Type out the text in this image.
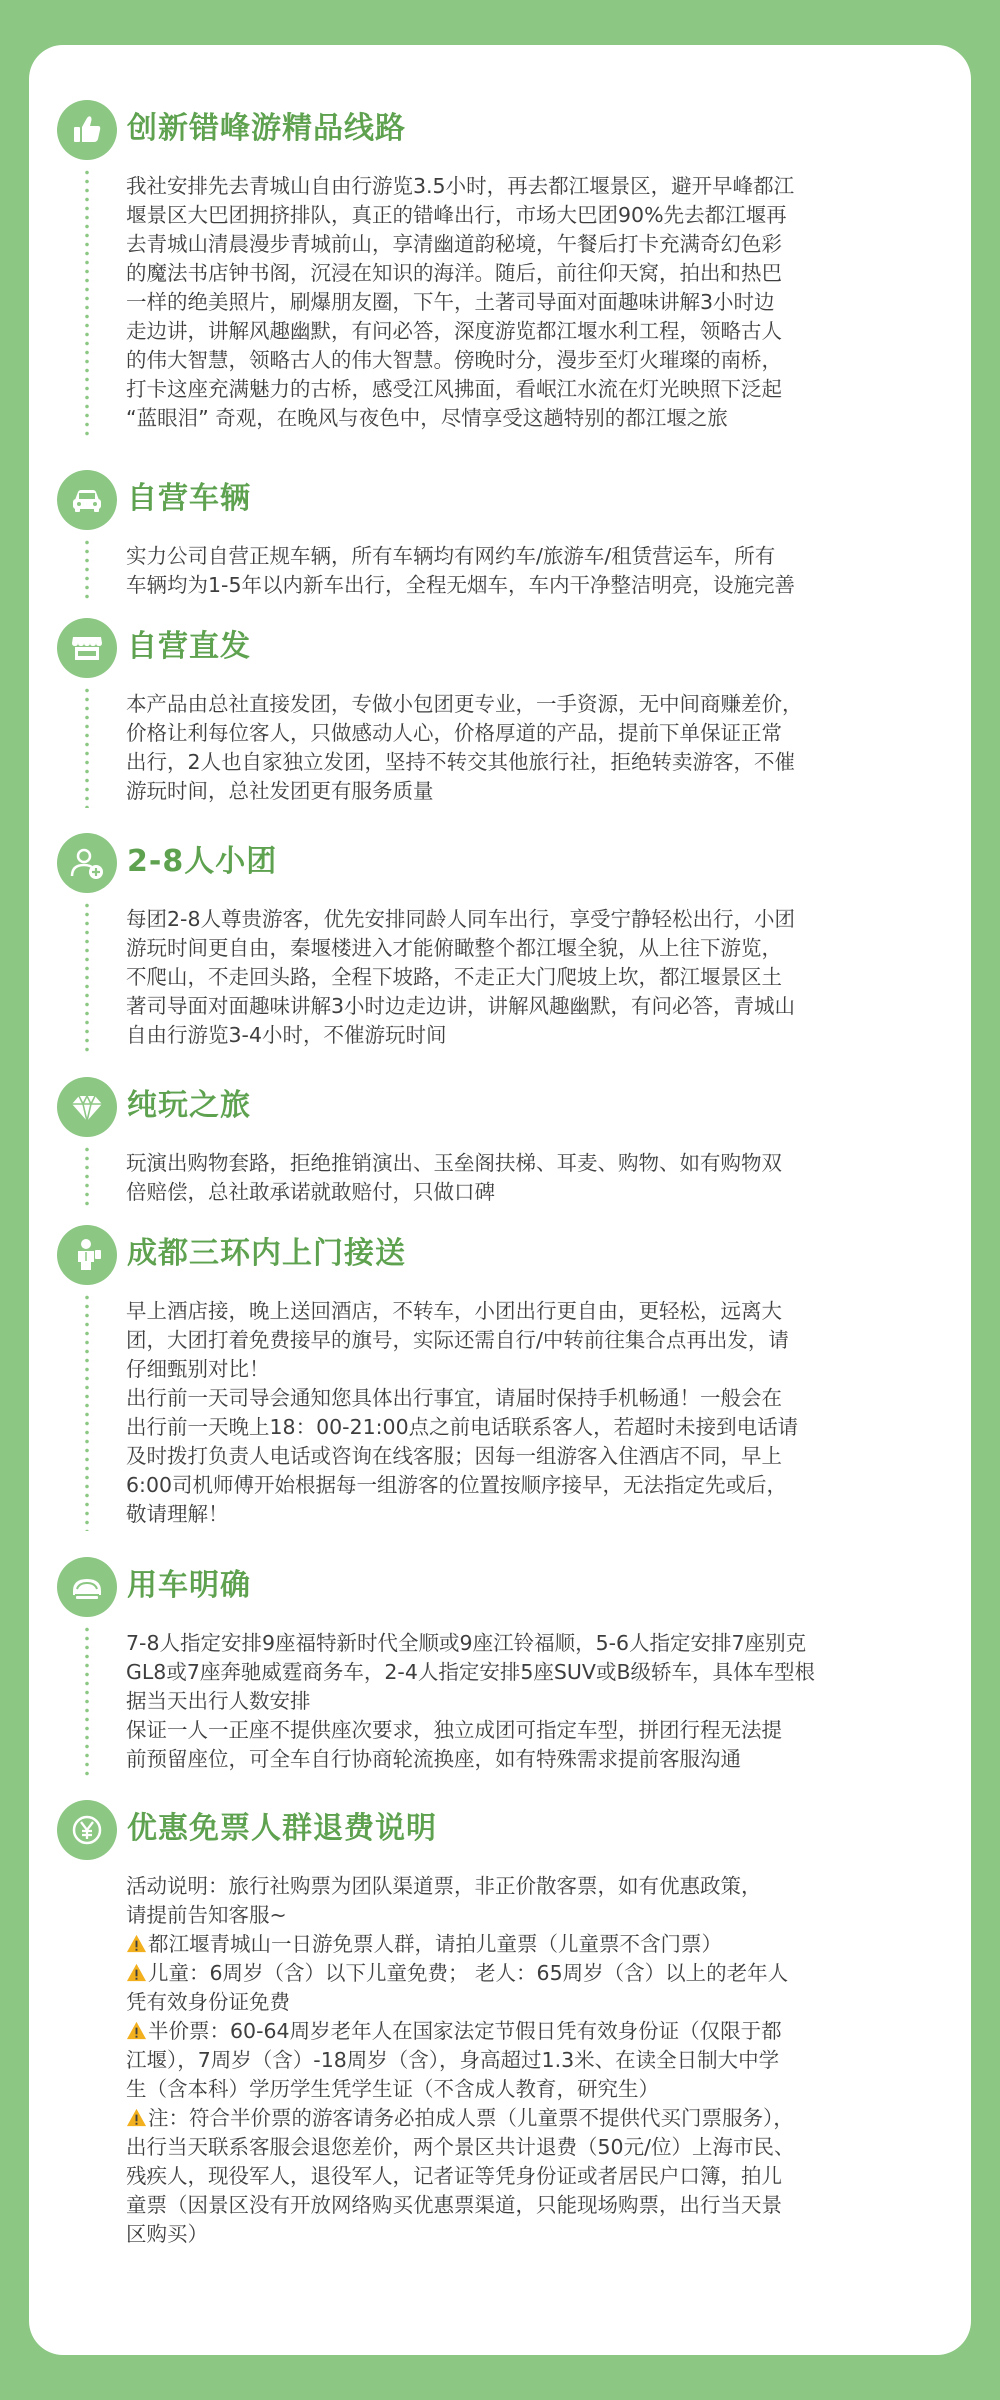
创新错峰游精品线路
我社安排先去青城山自由行游览3.5小时，再去都江堰景区，避开早峰都江
堰景区大巴团拥挤排队，真正的错峰出行，市场大巴团90%先去都江堰再
去青城山清晨漫步青城前山，享清幽道韵秘境，午餐后打卡充满奇幻色彩
的魔法书店钟书阁，沉浸在知识的海洋。随后，前往仰天窝，拍出和热巴
一样的绝美照片，刷爆朋友圈，下午，土著司导面对面趣味讲解3小时边
走边讲，讲解风趣幽默，有问必答，深度游览都江堰水利工程，领略古人
的伟大智慧，领略古人的伟大智慧。傍晚时分，漫步至灯火璀璨的南桥，
打卡这座充满魅力的古桥，感受江风拂面，看岷江水流在灯光映照下泛起
“蓝眼泪” 奇观，在晚风与夜色中，尽情享受这趟特别的都江堰之旅
自营车辆
实力公司自营正规车辆，所有车辆均有网约车/旅游车/租赁营运车，所有
车辆均为1-5年以内新车出行，全程无烟车，车内干净整洁明亮，设施完善
自营直发
本产品由总社直接发团，专做小包团更专业，一手资源，无中间商赚差价，
价格让利每位客人，只做感动人心，价格厚道的产品，提前下单保证正常
出行，2人也自家独立发团，坚持不转交其他旅行社，拒绝转卖游客，不催
游玩时间，总社发团更有服务质量
2-8人小团
每团2-8人尊贵游客，优先安排同龄人同车出行，享受宁静轻松出行，小团
游玩时间更自由，秦堰楼进入才能俯瞰整个都江堰全貌，从上往下游览，
不爬山，不走回头路，全程下坡路，不走正大门爬坡上坎，都江堰景区土
著司导面对面趣味讲解3小时边走边讲，讲解风趣幽默，有问必答，青城山
自由行游览3-4小时，不催游玩时间
纯玩之旅
玩演出购物套路，拒绝推销演出、玉垒阁扶梯、耳麦、购物、如有购物双
倍赔偿，总社敢承诺就敢赔付，只做口碑
成都三环内上门接送
早上酒店接，晚上送回酒店，不转车，小团出行更自由，更轻松，远离大
团，大团打着免费接早的旗号，实际还需自行/中转前往集合点再出发，请
仔细甄别对比！
出行前一天司导会通知您具体出行事宜，请届时保持手机畅通！一般会在
出行前一天晚上18：00-21:00点之前电话联系客人，若超时未接到电话请
及时拨打负责人电话或咨询在线客服；因每一组游客入住酒店不同，早上
6:00司机师傅开始根据每一组游客的位置按顺序接早，无法指定先或后，
敬请理解！
用车明确
7-8人指定安排9座福特新时代全顺或9座江铃福顺，5-6人指定安排7座别克
GL8或7座奔驰威霆商务车，2-4人指定安排5座SUV或B级轿车，具体车型根
据当天出行人数安排
保证一人一正座不提供座次要求，独立成团可指定车型，拼团行程无法提
前预留座位，可全车自行协商轮流换座，如有特殊需求提前客服沟通
优惠免票人群退费说明
活动说明：旅行社购票为团队渠道票，非正价散客票，如有优惠政策，
请提前告知客服~
都江堰青城山一日游免票人群，请拍儿童票（儿童票不含门票）
儿童：6周岁（含）以下儿童免费； 老人：65周岁（含）以上的老年人
凭有效身份证免费
半价票：60-64周岁老年人在国家法定节假日凭有效身份证（仅限于都
江堰），7周岁（含）-18周岁（含），身高超过1.3米、在读全日制大中学
生（含本科）学历学生凭学生证（不含成人教育，研究生）
注：符合半价票的游客请务必拍成人票（儿童票不提供代买门票服务），
出行当天联系客服会退您差价，两个景区共计退费（50元/位）上海市民、
残疾人，现役军人，退役军人，记者证等凭身份证或者居民户口簿，拍儿
童票（因景区没有开放网络购买优惠票渠道，只能现场购票，出行当天景
区购买）
